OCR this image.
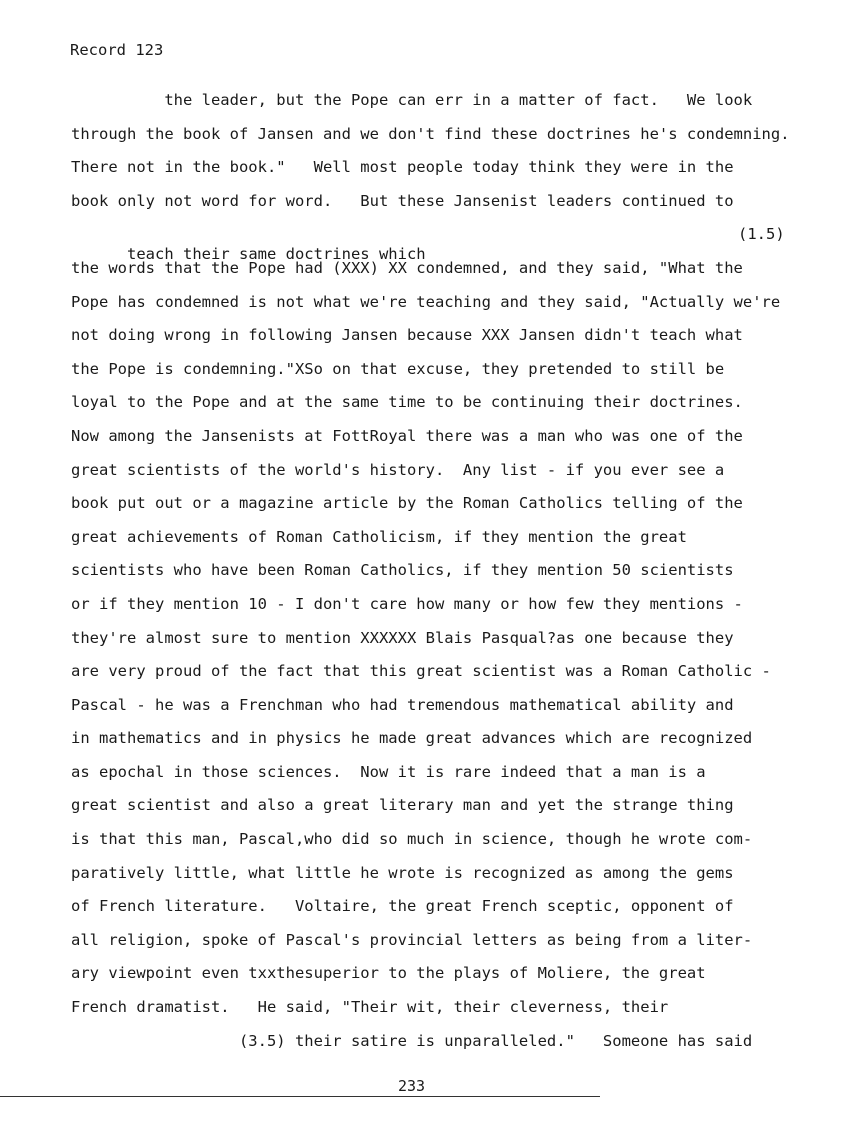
Record 123
the leader, but the Pope can err in a matter of fact.   We look
through the book of Jansen and we don't find these doctrines he's condemning.
There not in the book."   Well most people today think they were in the
book only not word for word.   But these Jansenist leaders continued to

teach their same doctrines which

(1.5)

the words that the Pope had (XXX) XX condemned, and they said, "What the
Pope has condemned is not what we're teaching and they said, "Actually we're
not doing wrong in following Jansen because XXX Jansen didn't teach what
the Pope is condemning."XSo on that excuse, they pretended to still be
loyal to the Pope and at the same time to be continuing their doctrines.
Now among the Jansenists at FottRoyal there was a man who was one of the
great scientists of the world's history.  Any list - if you ever see a
book put out or a magazine article by the Roman Catholics telling of the
great achievements of Roman Catholicism, if they mention the great
scientists who have been Roman Catholics, if they mention 50 scientists
or if they mention 10 - I don't care how many or how few they mentions -
they're almost sure to mention XXXXXX Blais Pasqual?as one because they
are very proud of the fact that this great scientist was a Roman Catholic -
Pascal - he was a Frenchman who had tremendous mathematical ability and
in mathematics and in physics he made great advances which are recognized
as epochal in those sciences.  Now it is rare indeed that a man is a
great scientist and also a great literary man and yet the strange thing
is that this man, Pascal,who did so much in science, though he wrote com-
paratively little, what little he wrote is recognized as among the gems
of French literature.   Voltaire, the great French sceptic, opponent of
all religion, spoke of Pascal's provincial letters as being from a liter-
ary viewpoint even txxthesuperior to the plays of Moliere, the great
French dramatist.   He said, "Their wit, their cleverness, their
(3.5) their satire is unparalleled."   Someone has said
233
